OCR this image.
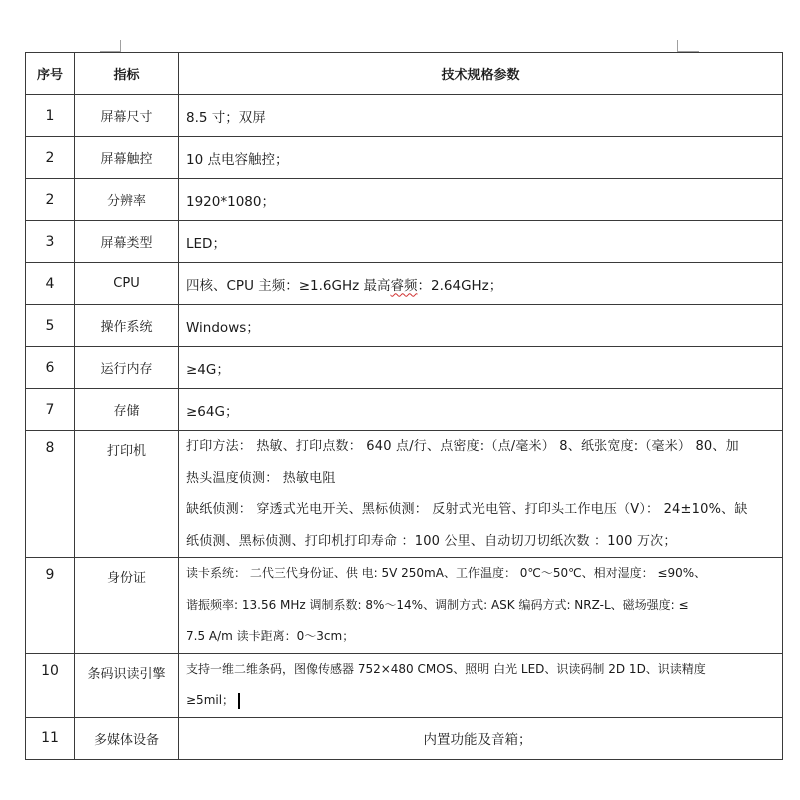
序号	指标	技术规格参数
1	屏幕尺寸	8.5 寸；双屏
2	屏幕触控	10 点电容触控；
2	分辨率	1920*1080；
3	屏幕类型	LED；
4	CPU	四核、CPU 主频：≥1.6GHz 最高睿频：2.64GHz；
5	操作系统	Windows；
6	运行内存	≥4G；
7	存储	≥64G；
8	打印机	打印方法： 热敏、打印点数： 640 点/行、点密度:（点/毫米） 8、纸张宽度:（毫米） 80、加
热头温度侦测： 热敏电阻
缺纸侦测： 穿透式光电开关、黑标侦测： 反射式光电管、打印头工作电压（V）： 24±10%、缺
纸侦测、黑标侦测、打印机打印寿命 ：100 公里、自动切刀切纸次数 ：100 万次；

9	身份证	读卡系统： 二代三代身份证、供 电: 5V 250mA、工作温度： 0℃～50℃、相对湿度： ≤90%、
谐振频率: 13.56 MHz 调制系数: 8%～14%、调制方式: ASK 编码方式: NRZ-L、磁场强度: ≤
7.5 A/m 读卡距离：0～3cm；

10	条码识读引擎	支持一维二维条码，图像传感器 752×480 CMOS、照明 白光 LED、识读码制 2D 1D、识读精度
≥5mil；

11	多媒体设备	内置功能及音箱；
